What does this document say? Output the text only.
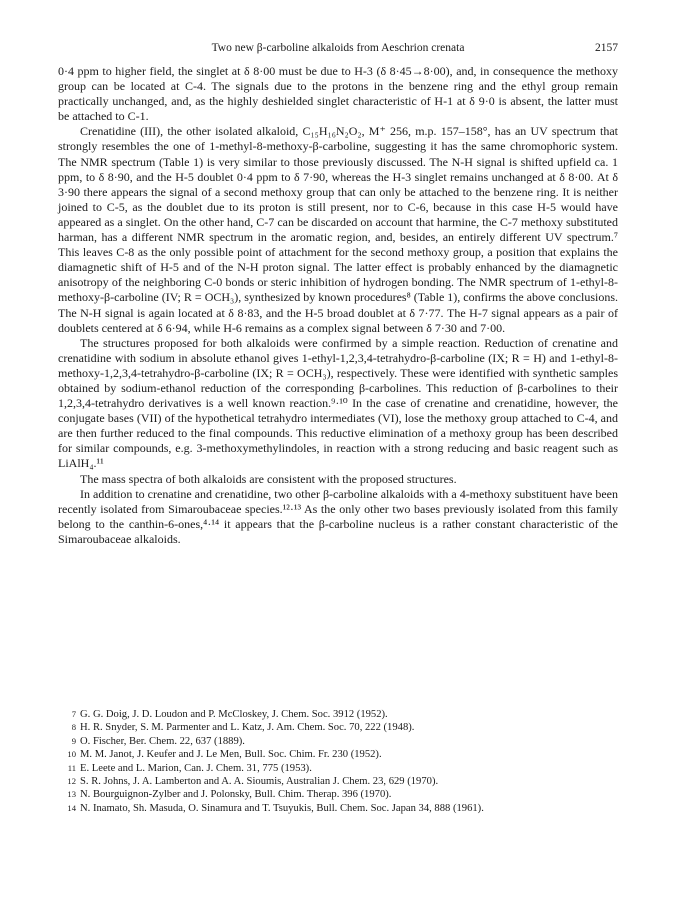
Two new β-carboline alkaloids from Aeschrion crenata	2157

0·4 ppm to higher field, the singlet at δ 8·00 must be due to H-3 (δ 8·45→8·00), and, in consequence the methoxy group can be located at C-4. The signals due to the protons in the benzene ring and the ethyl group remain practically unchanged, and, as the highly deshielded singlet characteristic of H-1 at δ 9·0 is absent, the latter must be attached to C-1.

Crenatidine (III), the other isolated alkaloid, C₁₅H₁₆N₂O₂, M⁺ 256, m.p. 157–158°, has an UV spectrum that strongly resembles the one of 1-methyl-8-methoxy-β-carboline, suggesting it has the same chromophoric system. The NMR spectrum (Table 1) is very similar to those previously discussed. The N-H signal is shifted upfield ca. 1 ppm, to δ 8·90, and the H-5 doublet 0·4 ppm to δ 7·90, whereas the H-3 singlet remains unchanged at δ 8·00. At δ 3·90 there appears the signal of a second methoxy group that can only be attached to the benzene ring. It is neither joined to C-5, as the doublet due to its proton is still present, nor to C-6, because in this case H-5 would have appeared as a singlet. On the other hand, C-7 can be discarded on account that harmine, the C-7 methoxy substituted harman, has a different NMR spectrum in the aromatic region, and, besides, an entirely different UV spectrum.⁷ This leaves C-8 as the only possible point of attachment for the second methoxy group, a position that explains the diamagnetic shift of H-5 and of the N-H proton signal. The latter effect is probably enhanced by the diamagnetic anisotropy of the neighboring C-0 bonds or steric inhibition of hydrogen bonding. The NMR spectrum of 1-ethyl-8-methoxy-β-carboline (IV; R = OCH₃), synthesized by known procedures⁸ (Table 1), confirms the above conclusions. The N-H signal is again located at δ 8·83, and the H-5 broad doublet at δ 7·77. The H-7 signal appears as a pair of doublets centered at δ 6·94, while H-6 remains as a complex signal between δ 7·30 and 7·00.

The structures proposed for both alkaloids were confirmed by a simple reaction. Reduction of crenatine and crenatidine with sodium in absolute ethanol gives 1-ethyl-1,2,3,4-tetrahydro-β-carboline (IX; R = H) and 1-ethyl-8-methoxy-1,2,3,4-tetrahydro-β-carboline (IX; R = OCH₃), respectively. These were identified with synthetic samples obtained by sodium-ethanol reduction of the corresponding β-carbolines. This reduction of β-carbolines to their 1,2,3,4-tetrahydro derivatives is a well known reaction.⁹·¹⁰ In the case of crenatine and crenatidine, however, the conjugate bases (VII) of the hypothetical tetrahydro intermediates (VI), lose the methoxy group attached to C-4, and are then further reduced to the final compounds. This reductive elimination of a methoxy group has been described for similar compounds, e.g. 3-methoxymethylindoles, in reaction with a strong reducing and basic reagent such as LiAlH₄.¹¹

The mass spectra of both alkaloids are consistent with the proposed structures.

In addition to crenatine and crenatidine, two other β-carboline alkaloids with a 4-methoxy substituent have been recently isolated from Simaroubaceae species.¹²·¹³ As the only other two bases previously isolated from this family belong to the canthin-6-ones,⁴·¹⁴ it appears that the β-carboline nucleus is a rather constant characteristic of the Simaroubaceae alkaloids.

7 G. G. Doig, J. D. Loudon and P. McCloskey, J. Chem. Soc. 3912 (1952).
8 H. R. Snyder, S. M. Parmenter and L. Katz, J. Am. Chem. Soc. 70, 222 (1948).
9 O. Fischer, Ber. Chem. 22, 637 (1889).
10 M. M. Janot, J. Keufer and J. Le Men, Bull. Soc. Chim. Fr. 230 (1952).
11 E. Leete and L. Marion, Can. J. Chem. 31, 775 (1953).
12 S. R. Johns, J. A. Lamberton and A. A. Sioumis, Australian J. Chem. 23, 629 (1970).
13 N. Bourguignon-Zylber and J. Polonsky, Bull. Chim. Therap. 396 (1970).
14 N. Inamato, Sh. Masuda, O. Sinamura and T. Tsuyukis, Bull. Chem. Soc. Japan 34, 888 (1961).
